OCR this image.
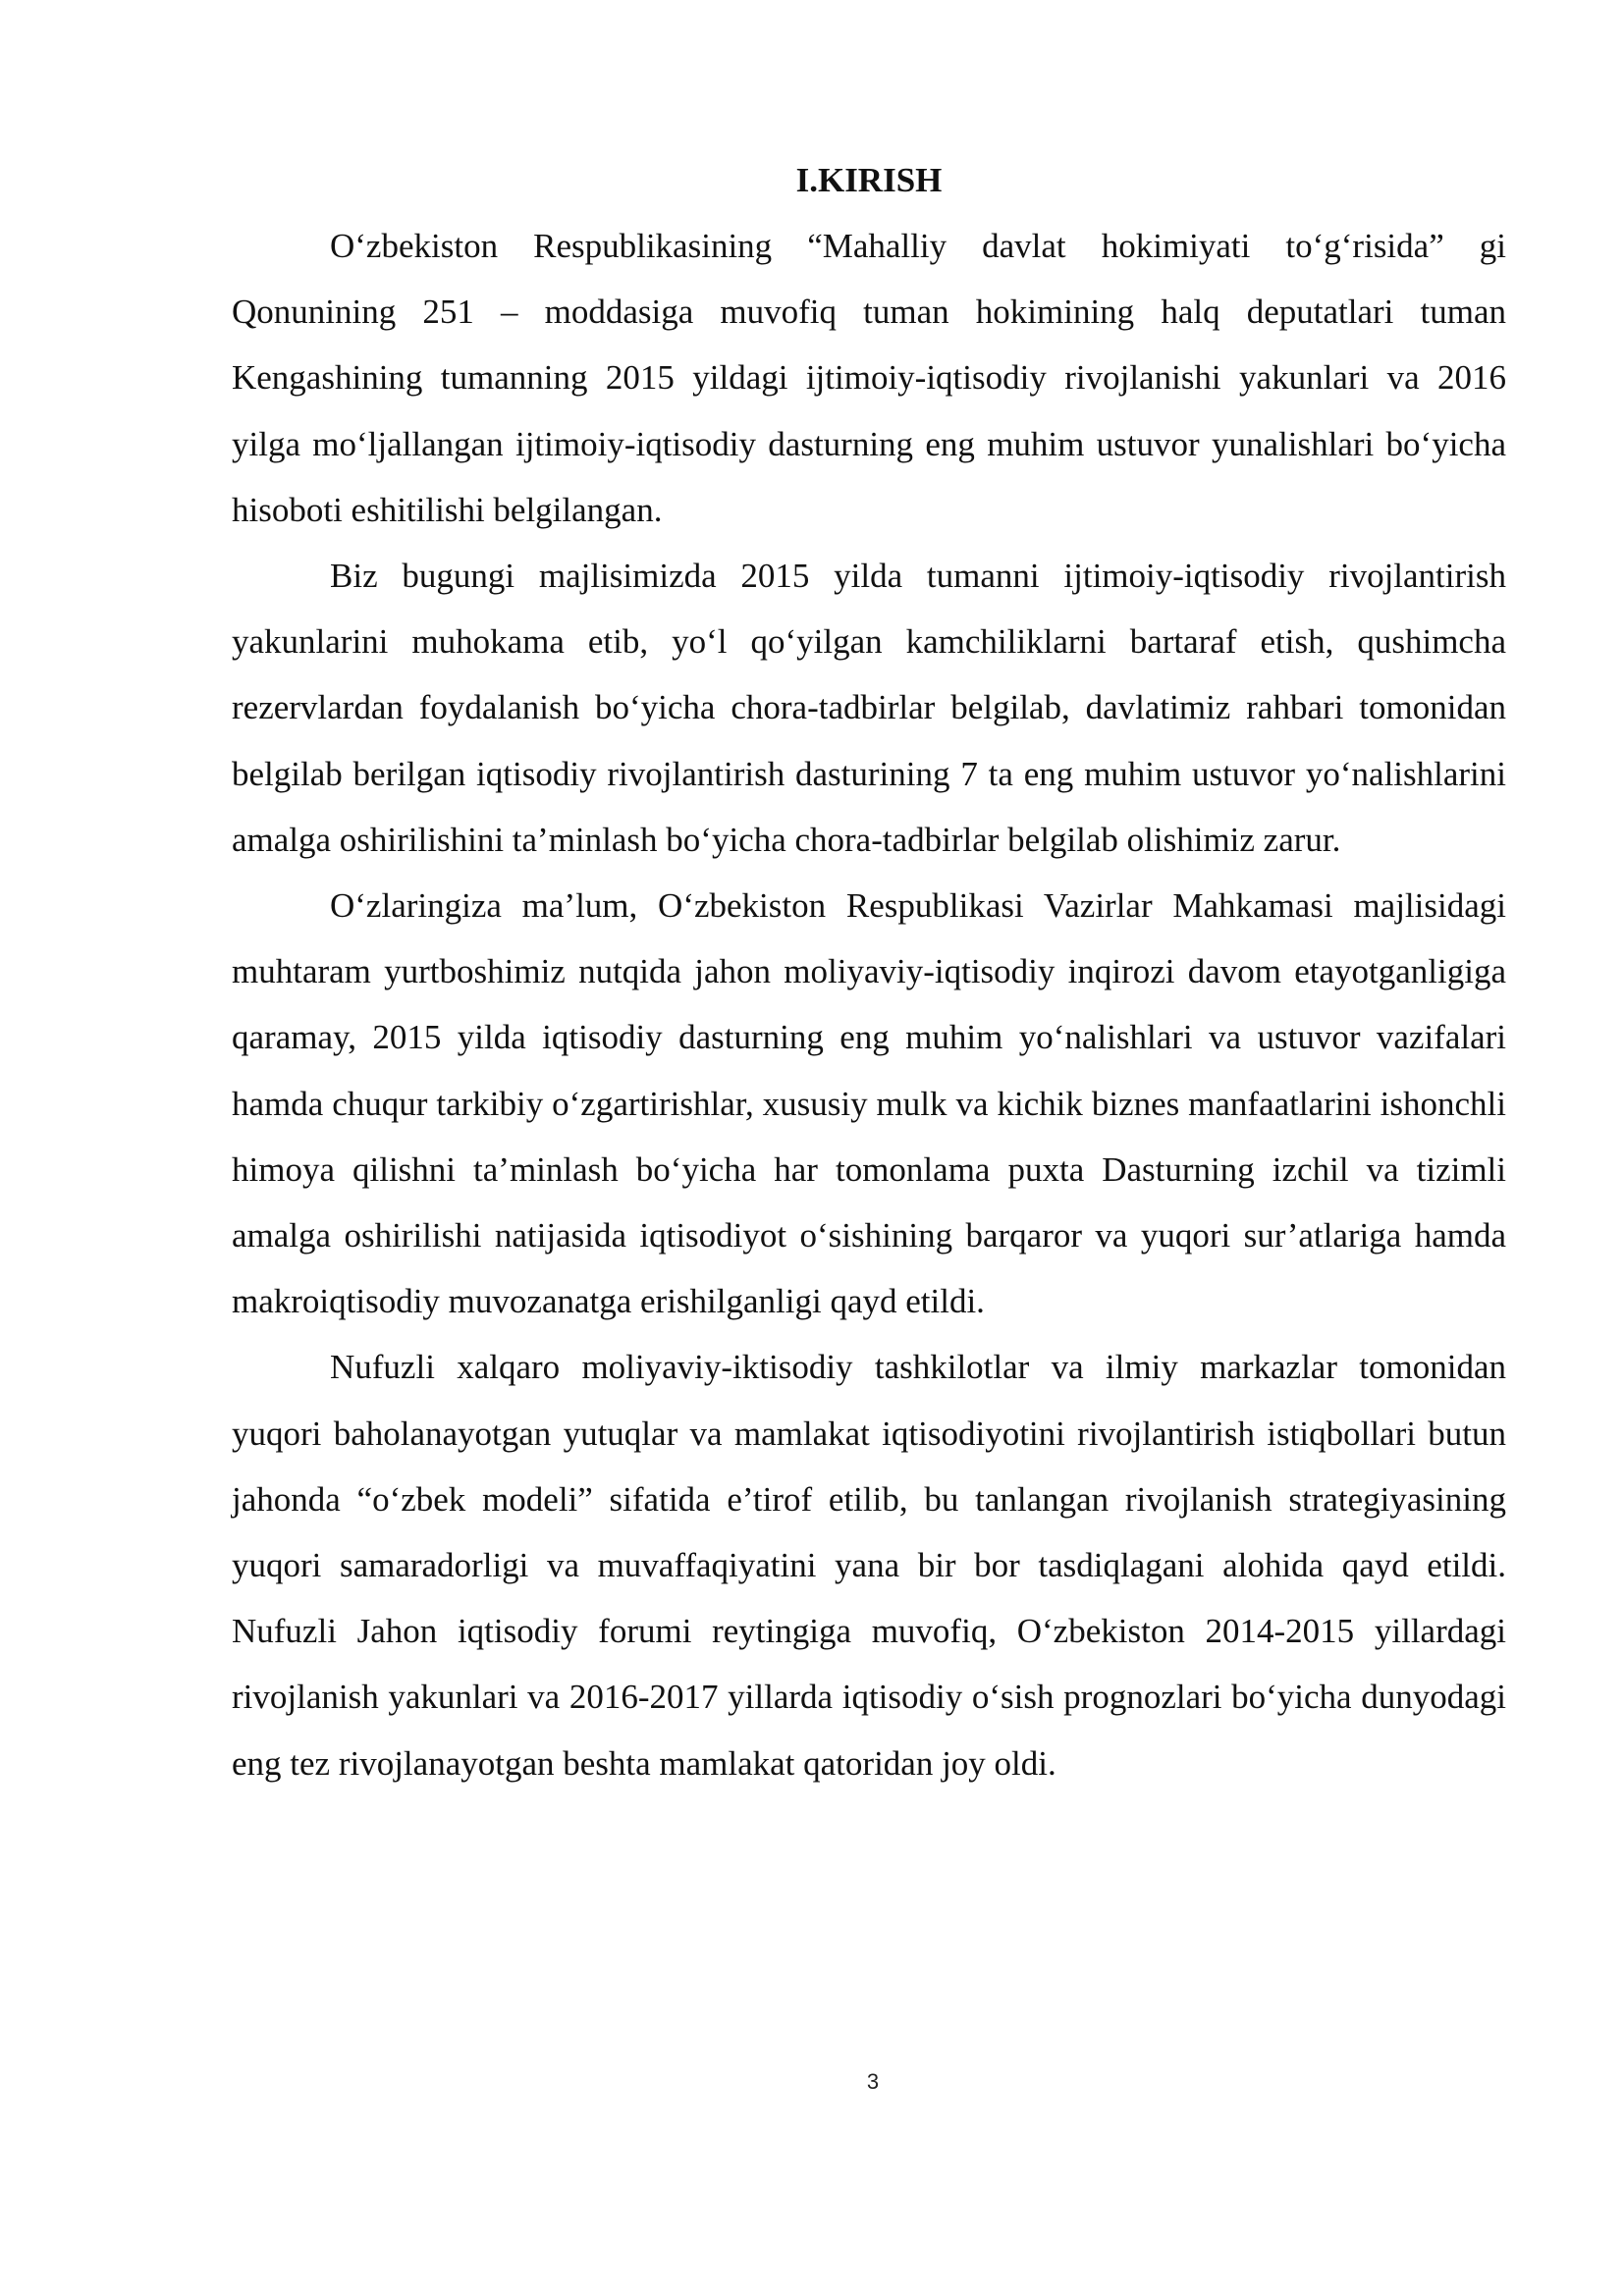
I.KIRISH

O‘zbekiston Respublikasining “Mahalliy davlat hokimiyati to‘g‘risida” gi Qonunining 251 – moddasiga muvofiq tuman hokimining halq deputatlari tuman Kengashining tumanning 2015 yildagi ijtimoiy-iqtisodiy rivojlanishi yakunlari va 2016 yilga mo‘ljallangan ijtimoiy-iqtisodiy dasturning eng muhim ustuvor yunalishlari bo‘yicha hisoboti eshitilishi belgilangan.

Biz bugungi majlisimizda 2015 yilda tumanni ijtimoiy-iqtisodiy rivojlantirish yakunlarini muhokama etib, yo‘l qo‘yilgan kamchiliklarni bartaraf etish, qushimcha rezervlardan foydalanish bo‘yicha chora-tadbirlar belgilab, davlatimiz rahbari tomonidan belgilab berilgan iqtisodiy rivojlantirish dasturining 7 ta eng muhim ustuvor yo‘nalishlarini amalga oshirilishini ta’minlash bo‘yicha chora-tadbirlar belgilab olishimiz zarur.

O‘zlaringiza ma’lum, O‘zbekiston Respublikasi Vazirlar Mahkamasi majlisidagi muhtaram yurtboshimiz nutqida jahon moliyaviy-iqtisodiy inqirozi davom etayotganligiga qaramay, 2015 yilda iqtisodiy dasturning eng muhim yo‘nalishlari va ustuvor vazifalari hamda chuqur tarkibiy o‘zgartirishlar, xususiy mulk va kichik biznes manfaatlarini ishonchli himoya qilishni ta’minlash bo‘yicha har tomonlama puxta Dasturning izchil va tizimli amalga oshirilishi natijasida iqtisodiyot o‘sishining barqaror va yuqori sur’atlariga hamda makroiqtisodiy muvozanatga erishilganligi qayd etildi.

Nufuzli xalqaro moliyaviy-iktisodiy tashkilotlar va ilmiy markazlar tomonidan yuqori baholanayotgan yutuqlar va mamlakat iqtisodiyotini rivojlantirish istiqbollari butun jahonda “o‘zbek modeli” sifatida e’tirof etilib, bu tanlangan rivojlanish strategiyasining yuqori samaradorligi va muvaffaqiyatini yana bir bor tasdiqlagani alohida qayd etildi. Nufuzli Jahon iqtisodiy forumi reytingiga muvofiq, O‘zbekiston 2014-2015 yillardagi rivojlanish yakunlari va 2016-2017 yillarda iqtisodiy o‘sish prognozlari bo‘yicha dunyodagi eng tez rivojlanayotgan beshta mamlakat qatoridan joy oldi.

3
